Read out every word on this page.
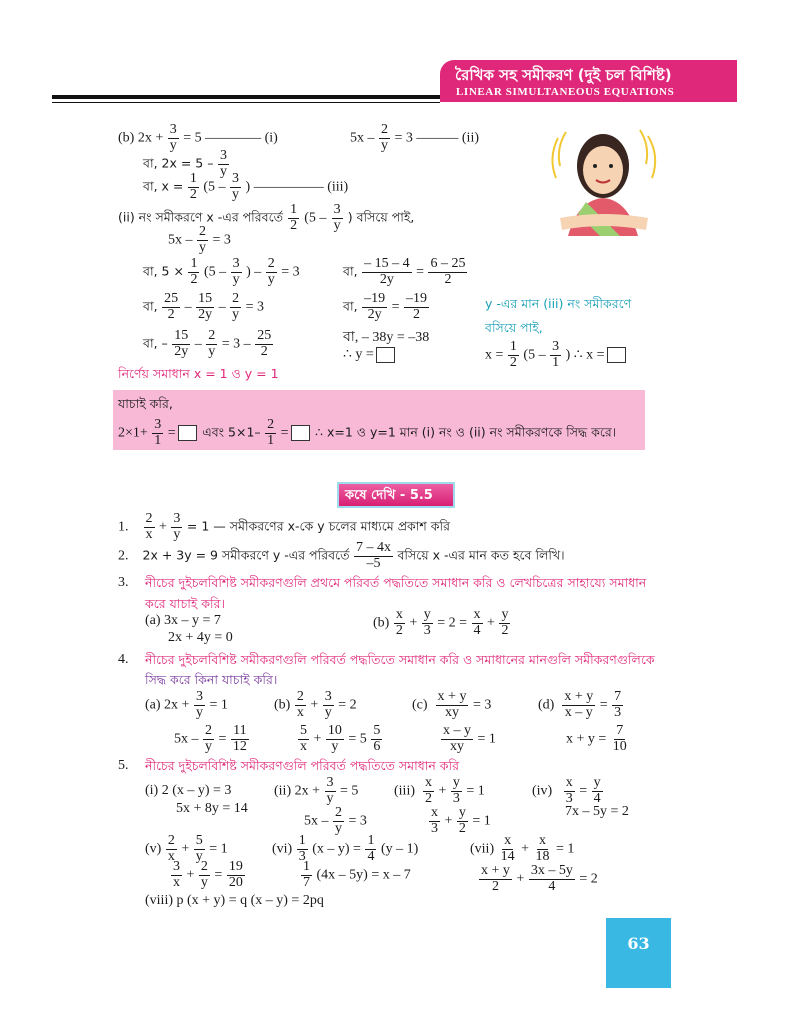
রৈখিক সহ সমীকরণ (দুই চল বিশিষ্ট)
LINEAR SIMULTANEOUS EQUATIONS
(b) $2x + \frac{3}{y} = 5$ ———— (i)	$5x - \frac{2}{y} = 3$ ——— (ii)
বা, $2x = 5 - \frac{3}{y}$
বা, $x = \frac{1}{2} (5 - \frac{3}{y}$ ) ————— (iii)
(ii) নং সমীকরণে x -এর পরিবর্তে $\frac{1}{2} (5 - \frac{3}{y}$ ) বসিয়ে পাই,
$5x - \frac{2}{y} = 3$
বা, $5 \times \frac{1}{2} (5 - \frac{3}{y}$ ) – $\frac{2}{y} = 3$
বা, $\frac{25}{2} - \frac{15}{2y} - \frac{2}{y} = 3$
বা, – $\frac{15}{2y} - \frac{2}{y} = 3 - \frac{25}{2}$
বা, $\frac{- 15 - 4}{2y} = \frac{6 - 25}{2}$
বা, $\frac{-19}{2y} = \frac{-19}{2}$
বা, – 38y = –38
∴ y =
y -এর মান (iii) নং সমীকরণে
বসিয়ে পাই,
$x = \frac{1}{2} (5 - \frac{3}{1}$ ) ∴ x =
নির্ণেয় সমাধান x = 1 ও y = 1
যাচাই করি,
$2\times 1+ \frac{3}{1}$ = এবং $5\times 1- \frac{2}{1}$ = ∴ x=1 ও y=1 মান (i) নং ও (ii) নং সমীকরণকে সিদ্ধ করে।
কষে দেখি - 5.5
1. $\frac{2}{x} + \frac{3}{y} = 1$ — সমীকরণের x-কে y চলের মাধ্যমে প্রকাশ করি
2. 2x + 3y = 9 সমীকরণে y -এর পরিবর্তে $\frac{7 - 4x}{-5}$ বসিয়ে x -এর মান কত হবে লিখি।
3. নীচের দুইচলবিশিষ্ট সমীকরণগুলি প্রথমে পরিবর্ত পদ্ধতিতে সমাধান করি ও লেখচিত্রের সাহায্যে সমাধান
করে যাচাই করি।
(a) 3x – y = 7
2x + 4y = 0
$(b) \frac{x}{2} + \frac{y}{3} = 2 = \frac{x}{4} + \frac{y}{2}$
4. নীচের দুইচলবিশিষ্ট সমীকরণগুলি পরিবর্ত পদ্ধতিতে সমাধান করি ও সমাধানের মানগুলি সমীকরণগুলিকে
সিদ্ধ করে কিনা যাচাই করি।
(a) $2x + \frac{3}{y} = 1$
$5x - \frac{2}{y} = \frac{11}{12}$
$(b) \frac{2}{x} + \frac{3}{y} = 2$
$\frac{5}{x} + \frac{10}{y} = 5 \frac{5}{6}$
$(c) \frac{x + y}{xy} = 3$
$\frac{x - y}{xy} = 1$
$(d) \frac{x + y}{x - y} = \frac{7}{3}$
$x + y = \frac{7}{10}$
5. নীচের দুইচলবিশিষ্ট সমীকরণগুলি পরিবর্ত পদ্ধতিতে সমাধান করি
(i) 2 (x – y) = 3
5x + 8y = 14
(ii) $2x + \frac{3}{y} = 5$
$5x - \frac{2}{y} = 3$
$(iii) \frac{x}{2} + \frac{y}{3} = 1$
$\frac{x}{3} + \frac{y}{2} = 1$
$(iv) \frac{x}{3} = \frac{y}{4}$
7x – 5y = 2
$(v) \frac{2}{x} + \frac{5}{y} = 1$
$\frac{3}{x} + \frac{2}{y} = \frac{19}{20}$
$(vi) \frac{1}{3} (x - y) = \frac{1}{4} (y - 1)$
$\frac{1}{7} (4x - 5y) = x - 7$
$(vii) \frac{x}{14} + \frac{x}{18} = 1$
$\frac{x + y}{2} + \frac{3x - 5y}{4} = 2$
(viii) p (x + y) = q (x – y) = 2pq
63
